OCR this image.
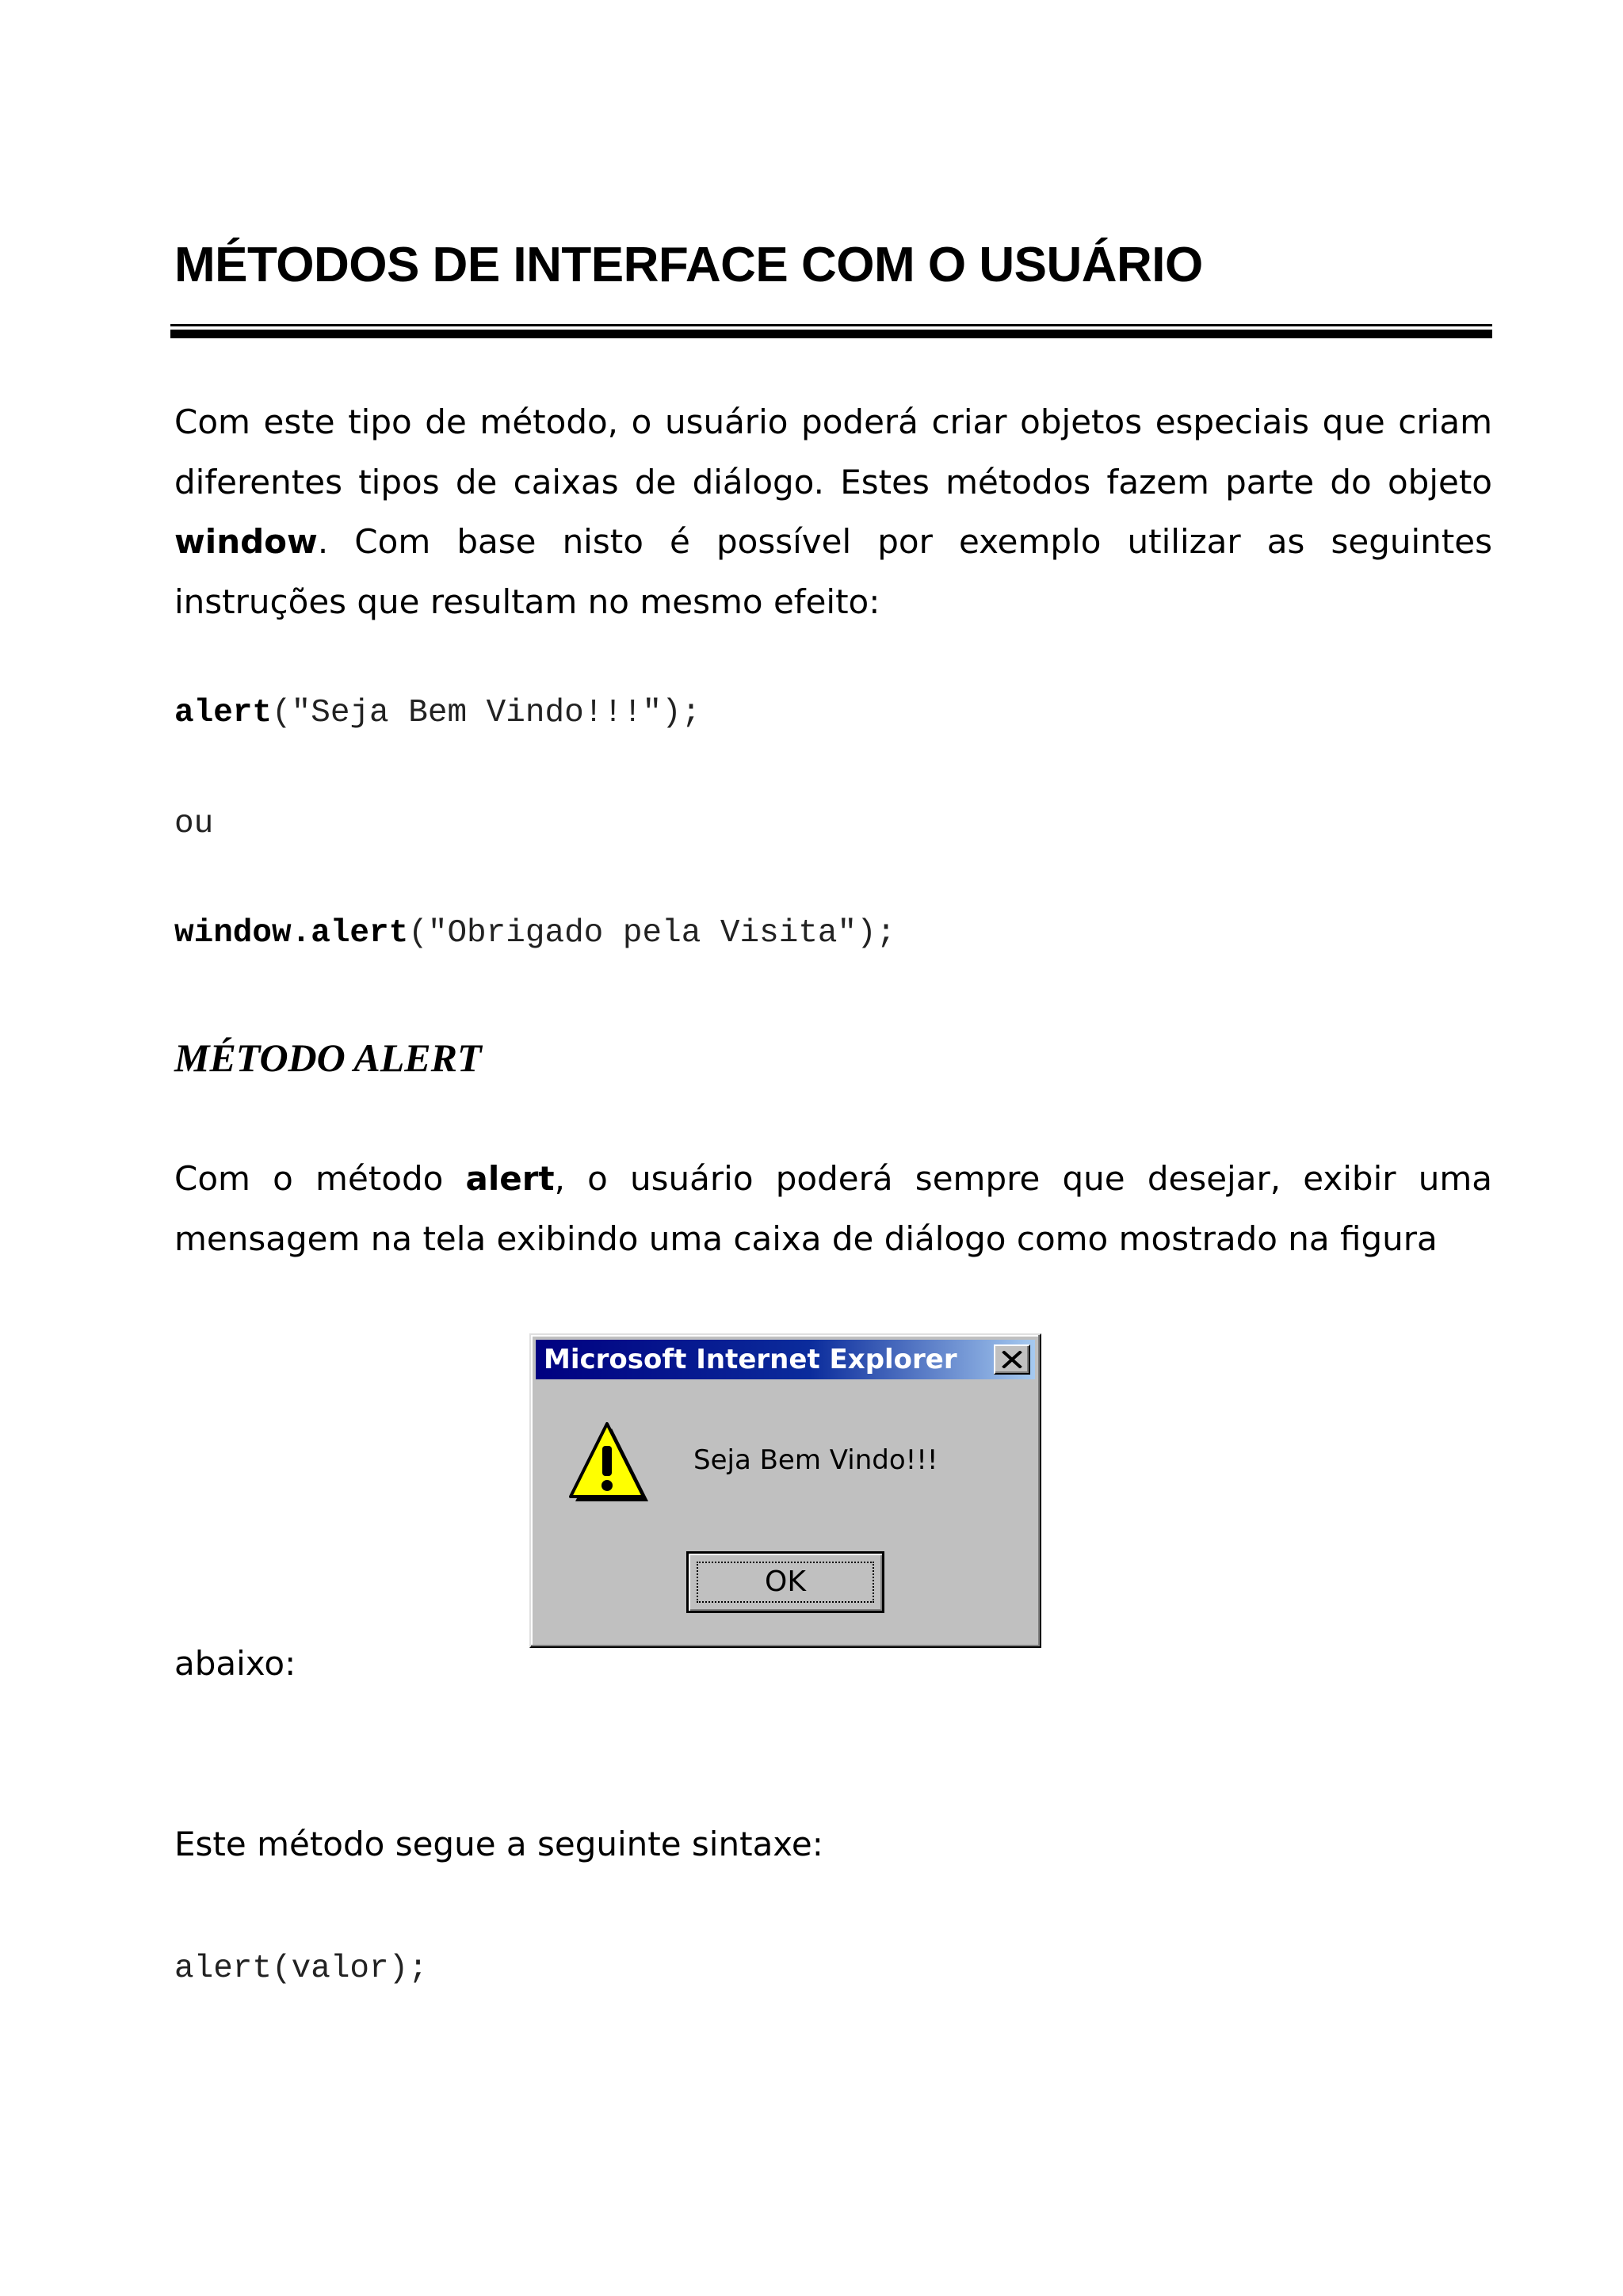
MÉTODOS DE INTERFACE COM O USUÁRIO

Com este tipo de método, o usuário poderá criar objetos especiais que criam diferentes tipos de caixas de diálogo. Estes métodos fazem parte do objeto window. Com base nisto é possível por exemplo utilizar as seguintes instruções que resultam no mesmo efeito:

alert("Seja Bem Vindo!!!");
ou
window.alert("Obrigado pela Visita");
MÉTODO ALERT

Com o método alert, o usuário poderá sempre que desejar, exibir uma mensagem na tela exibindo uma caixa de diálogo como mostrado na figura

Microsoft Internet Explorer
Seja Bem Vindo!!!
OK

abaixo:

Este método segue a seguinte sintaxe:

alert(valor);
